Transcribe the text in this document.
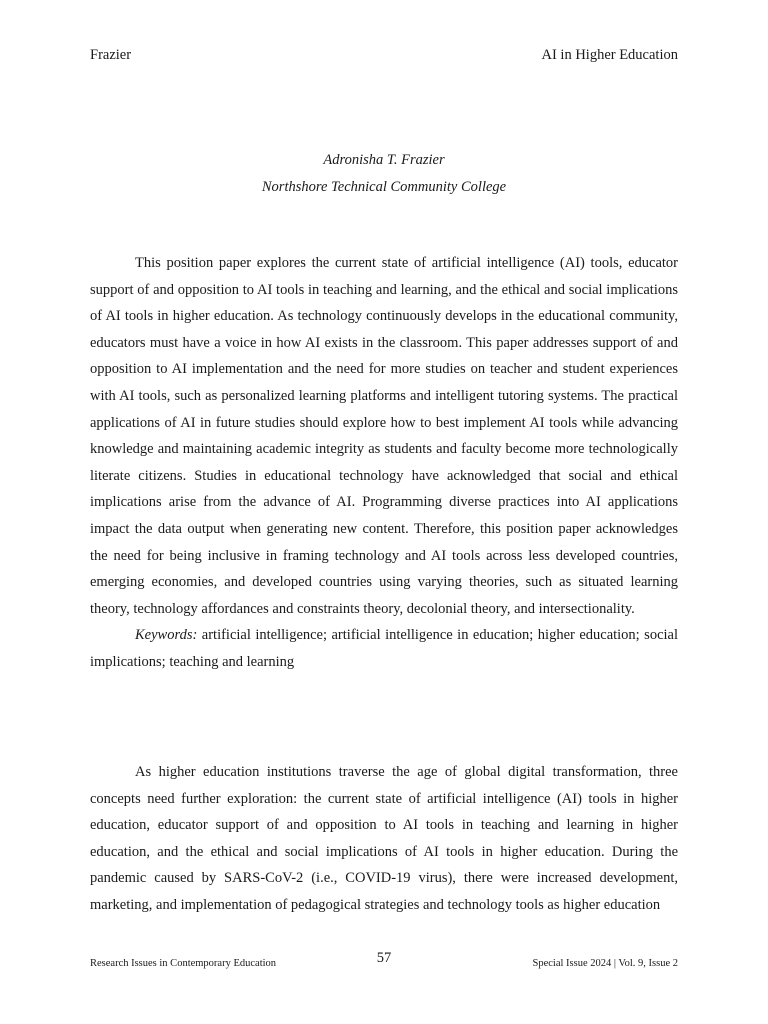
Frazier	AI in Higher Education
Adronisha T. Frazier
Northshore Technical Community College

This position paper explores the current state of artificial intelligence (AI) tools, educator support of and opposition to AI tools in teaching and learning, and the ethical and social implications of AI tools in higher education. As technology continuously develops in the educational community, educators must have a voice in how AI exists in the classroom. This paper addresses support of and opposition to AI implementation and the need for more studies on teacher and student experiences with AI tools, such as personalized learning platforms and intelligent tutoring systems. The practical applications of AI in future studies should explore how to best implement AI tools while advancing knowledge and maintaining academic integrity as students and faculty become more technologically literate citizens. Studies in educational technology have acknowledged that social and ethical implications arise from the advance of AI. Programming diverse practices into AI applications impact the data output when generating new content. Therefore, this position paper acknowledges the need for being inclusive in framing technology and AI tools across less developed countries, emerging economies, and developed countries using varying theories, such as situated learning theory, technology affordances and constraints theory, decolonial theory, and intersectionality.

Keywords: artificial intelligence; artificial intelligence in education; higher education; social implications; teaching and learning

As higher education institutions traverse the age of global digital transformation, three concepts need further exploration: the current state of artificial intelligence (AI) tools in higher education, educator support of and opposition to AI tools in teaching and learning in higher education, and the ethical and social implications of AI tools in higher education. During the pandemic caused by SARS-CoV-2 (i.e., COVID-19 virus), there were increased development, marketing, and implementation of pedagogical strategies and technology tools as higher education

Research Issues in Contemporary Education	57	Special Issue 2024 | Vol. 9, Issue 2
